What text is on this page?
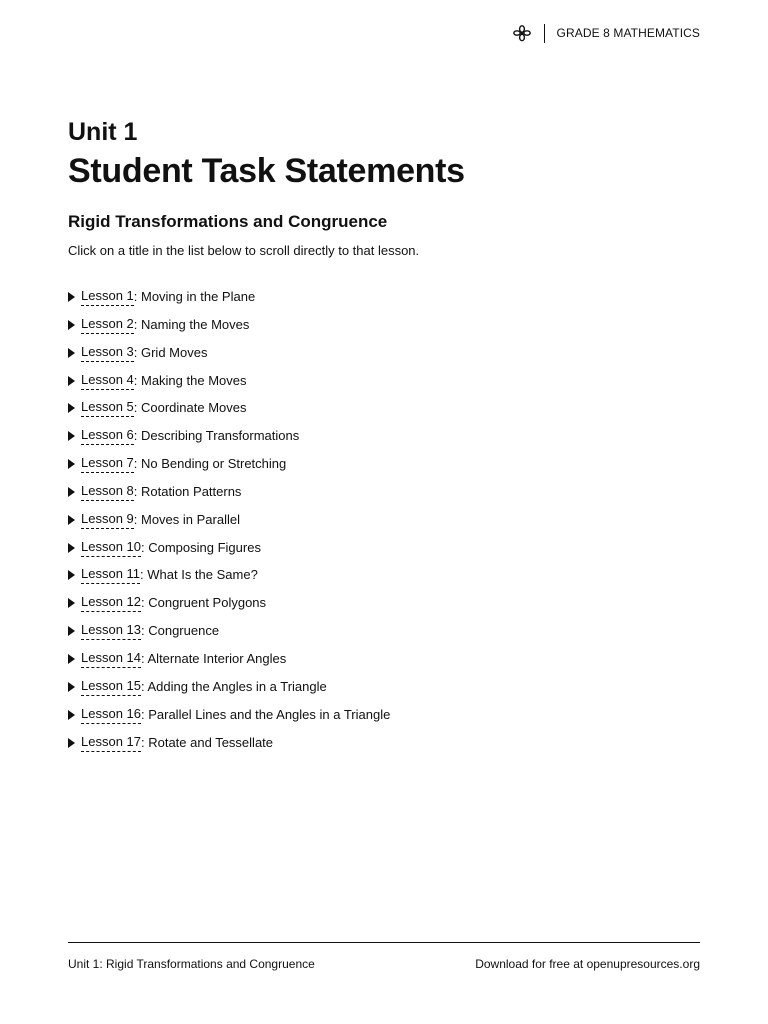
GRADE 8 MATHEMATICS
Unit 1
Student Task Statements
Rigid Transformations and Congruence

Click on a title in the list below to scroll directly to that lesson.

Lesson 1 : Moving in the Plane
Lesson 2 : Naming the Moves
Lesson 3 : Grid Moves
Lesson 4 : Making the Moves
Lesson 5 : Coordinate Moves
Lesson 6 : Describing Transformations
Lesson 7 : No Bending or Stretching
Lesson 8 : Rotation Patterns
Lesson 9 : Moves in Parallel
Lesson 10 : Composing Figures
Lesson 11 : What Is the Same?
Lesson 12 : Congruent Polygons
Lesson 13 : Congruence
Lesson 14 : Alternate Interior Angles
Lesson 15 : Adding the Angles in a Triangle
Lesson 16 : Parallel Lines and the Angles in a Triangle
Lesson 17 : Rotate and Tessellate
Unit 1: Rigid Transformations and Congruence	Download for free at openupresources.org
